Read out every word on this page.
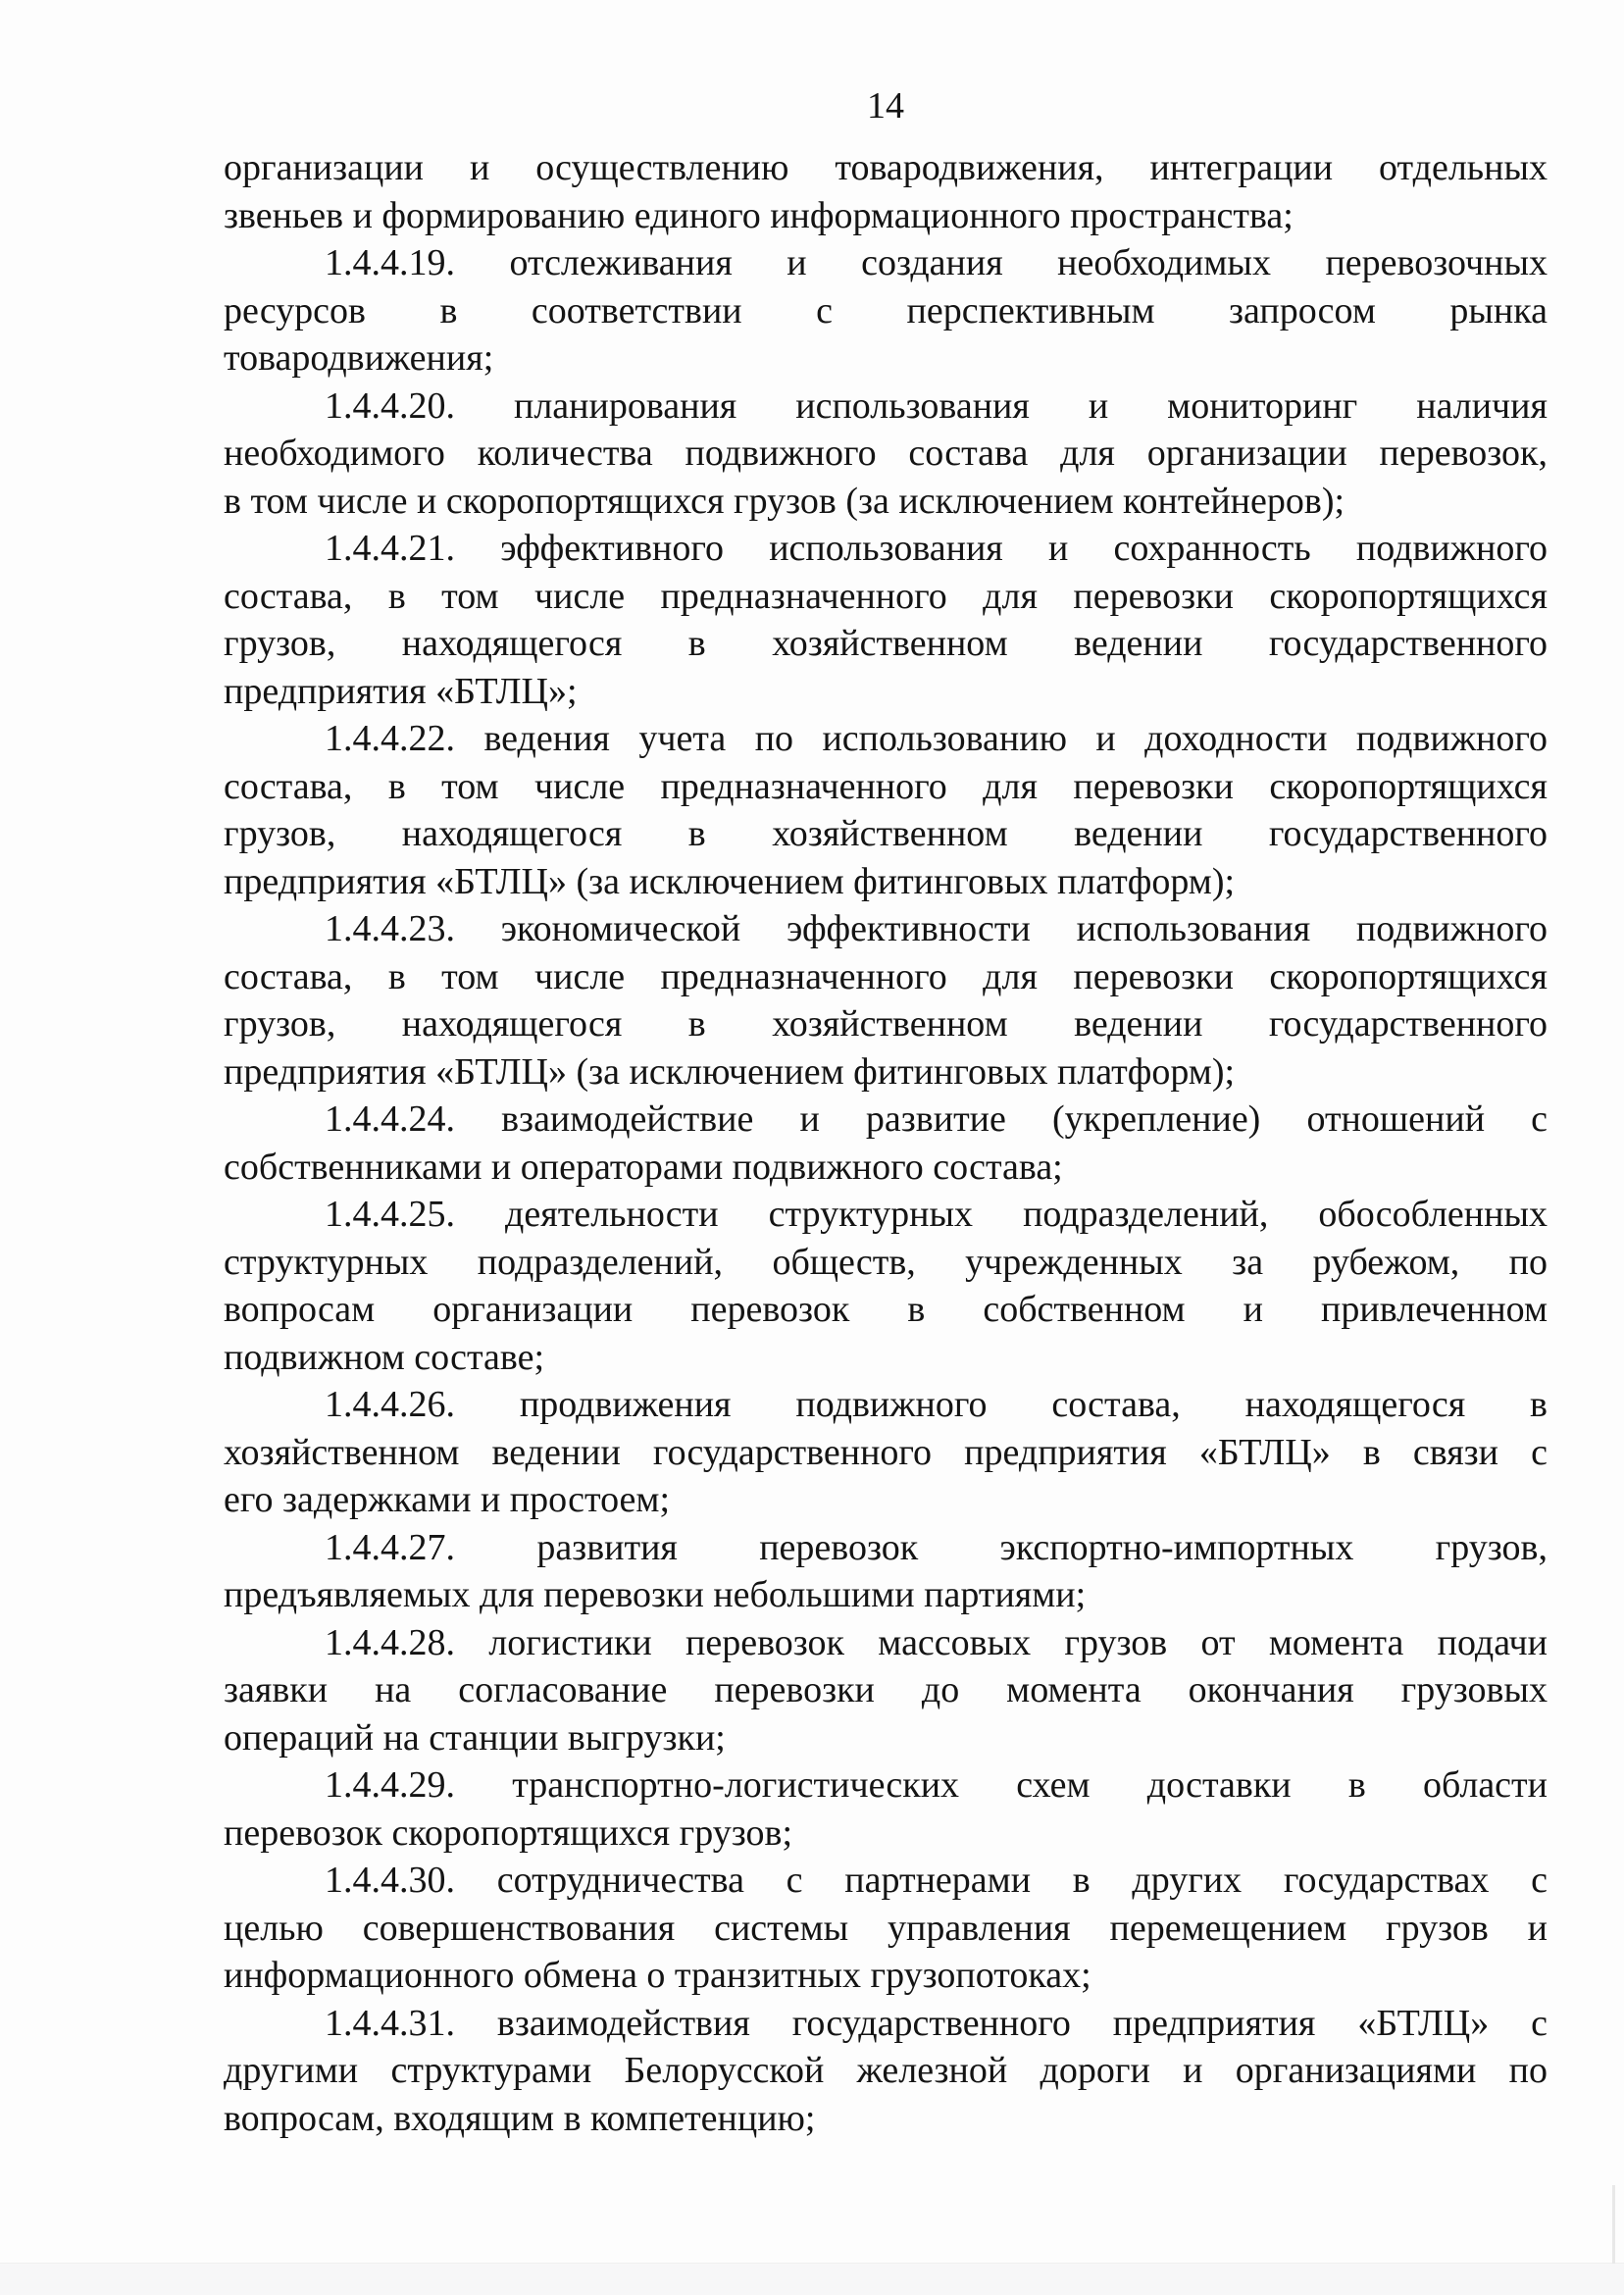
14
организации и осуществлению товародвижения, интеграции отдельных
звеньев и формированию единого информационного пространства;
1.4.4.19. отслеживания и создания необходимых перевозочных
ресурсов в соответствии с перспективным запросом рынка
товародвижения;
1.4.4.20. планирования использования и мониторинг наличия
необходимого количества подвижного состава для организации перевозок,
в том числе и скоропортящихся грузов (за исключением контейнеров);
1.4.4.21. эффективного использования и сохранность подвижного
состава, в том числе предназначенного для перевозки скоропортящихся
грузов, находящегося в хозяйственном ведении государственного
предприятия «БТЛЦ»;
1.4.4.22. ведения учета по использованию и доходности подвижного
состава, в том числе предназначенного для перевозки скоропортящихся
грузов, находящегося в хозяйственном ведении государственного
предприятия «БТЛЦ» (за исключением фитинговых платформ);
1.4.4.23. экономической эффективности использования подвижного
состава, в том числе предназначенного для перевозки скоропортящихся
грузов, находящегося в хозяйственном ведении государственного
предприятия «БТЛЦ» (за исключением фитинговых платформ);
1.4.4.24. взаимодействие и развитие (укрепление) отношений с
собственниками и операторами подвижного состава;
1.4.4.25. деятельности структурных подразделений, обособленных
структурных подразделений, обществ, учрежденных за рубежом, по
вопросам организации перевозок в собственном и привлеченном
подвижном составе;
1.4.4.26. продвижения подвижного состава, находящегося в
хозяйственном ведении государственного предприятия «БТЛЦ» в связи с
его задержками и простоем;
1.4.4.27. развития перевозок экспортно-импортных грузов,
предъявляемых для перевозки небольшими партиями;
1.4.4.28. логистики перевозок массовых грузов от момента подачи
заявки на согласование перевозки до момента окончания грузовых
операций на станции выгрузки;
1.4.4.29. транспортно-логистических схем доставки в области
перевозок скоропортящихся грузов;
1.4.4.30. сотрудничества с партнерами в других государствах с
целью совершенствования системы управления перемещением грузов и
информационного обмена о транзитных грузопотоках;
1.4.4.31. взаимодействия государственного предприятия «БТЛЦ» с
другими структурами Белорусской железной дороги и организациями по
вопросам, входящим в компетенцию;
